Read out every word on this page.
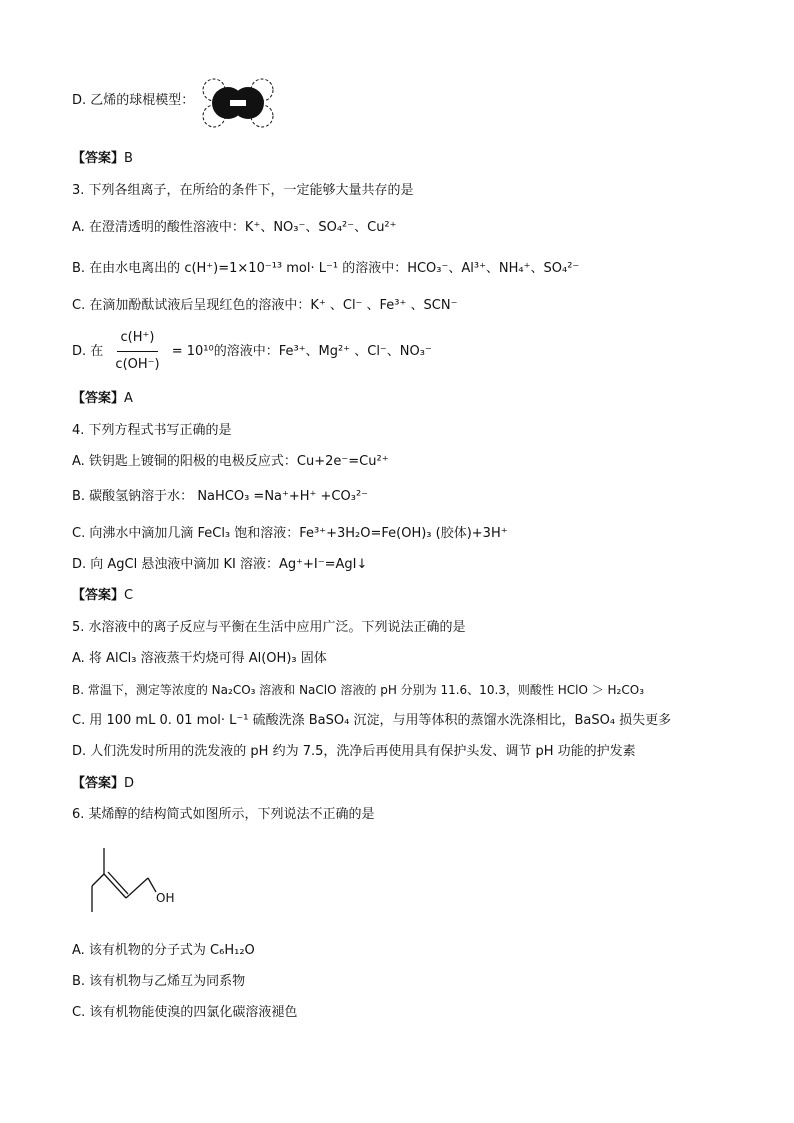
D. 乙烯的球棍模型：
【答案】B
3. 下列各组离子，在所给的条件下，一定能够大量共存的是
A. 在澄清透明的酸性溶液中：K⁺、NO₃⁻、SO₄²⁻、Cu²⁺
B. 在由水电离出的 c(H⁺)=1×10⁻¹³ mol· L⁻¹ 的溶液中：HCO₃⁻、Al³⁺、NH₄⁺、SO₄²⁻
C. 在滴加酚酞试液后呈现红色的溶液中：K⁺ 、Cl⁻ 、Fe³⁺ 、SCN⁻
D. 在 $\frac{c(H^+)}{c(OH^-)} = 10^{10}$的溶液中：Fe³⁺、Mg²⁺ 、Cl⁻、NO₃⁻
【答案】A
4. 下列方程式书写正确的是
A. 铁钥匙上镀铜的阳极的电极反应式：Cu+2e⁻=Cu²⁺
B. 碳酸氢钠溶于水： NaHCO₃ =Na⁺+H⁺ +CO₃²⁻
C. 向沸水中滴加几滴 FeCl₃ 饱和溶液：Fe³⁺+3H₂O=Fe(OH)₃ (胶体)+3H⁺
D. 向 AgCl 悬浊液中滴加 KI 溶液：Ag⁺+I⁻=AgI↓
【答案】C
5. 水溶液中的离子反应与平衡在生活中应用广泛。下列说法正确的是
A. 将 AlCl₃ 溶液蒸干灼烧可得 Al(OH)₃ 固体
B. 常温下，测定等浓度的 Na₂CO₃ 溶液和 NaClO 溶液的 pH 分别为 11.6、10.3，则酸性 HClO ＞ H₂CO₃
C. 用 100 mL 0. 01 mol· L⁻¹ 硫酸洗涤 BaSO₄ 沉淀，与用等体积的蒸馏水洗涤相比，BaSO₄ 损失更多
D. 人们洗发时所用的洗发液的 pH 约为 7.5，洗净后再使用具有保护头发、调节 pH 功能的护发素
【答案】D
6. 某烯醇的结构简式如图所示，下列说法不正确的是
OH
A. 该有机物的分子式为 C₆H₁₂O
B. 该有机物与乙烯互为同系物
C. 该有机物能使溴的四氯化碳溶液褪色
